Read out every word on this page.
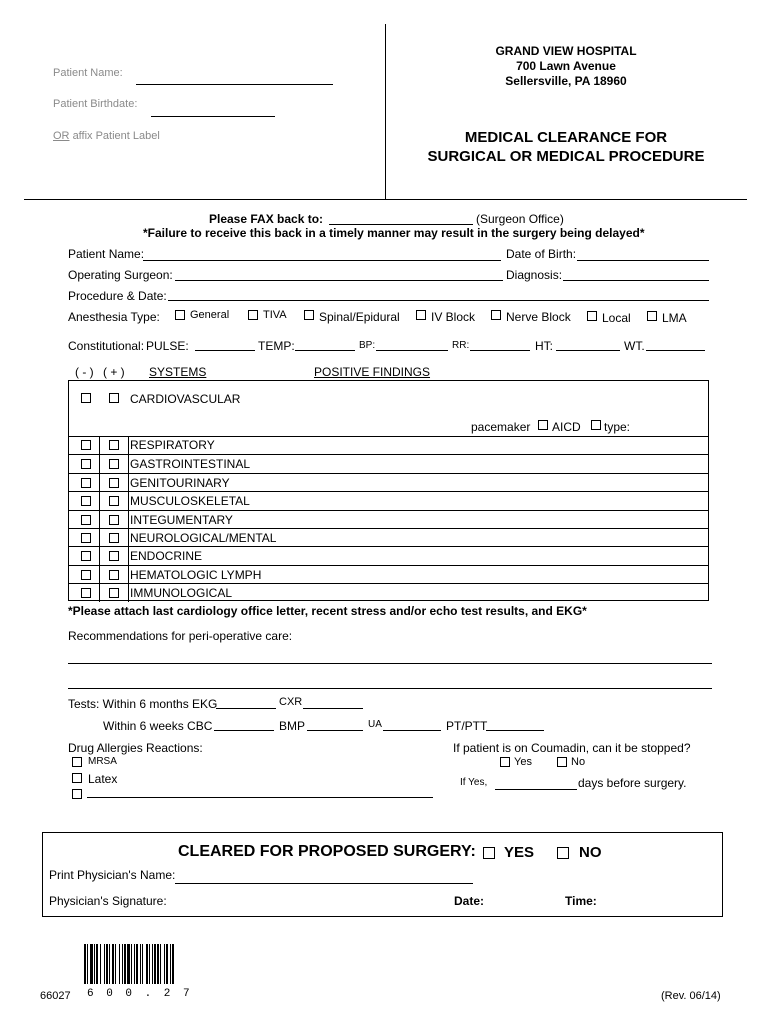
Patient Name:
Patient Birthdate:
OR affix Patient Label
GRAND VIEW HOSPITAL
700 Lawn Avenue
Sellersville, PA 18960
MEDICAL CLEARANCE FOR
SURGICAL OR MEDICAL PROCEDURE
Please FAX back to:	(Surgeon Office)
*Failure to receive this back in a timely manner may result in the surgery being delayed*
Patient Name:	Date of Birth:
Operating Surgeon:	Diagnosis:
Procedure & Date:
Anesthesia Type:	General	TIVA	Spinal/Epidural	IV Block	Nerve Block	Local	LMA
Constitutional: PULSE:	TEMP:	BP:	RR:	HT:	WT.
( - ) ( + ) SYSTEMS	POSITIVE FINDINGS
CARDIOVASCULAR
pacemaker AICD type:
RESPIRATORY
GASTROINTESTINAL
GENITOURINARY
MUSCULOSKELETAL
INTEGUMENTARY
NEUROLOGICAL/MENTAL
ENDOCRINE
HEMATOLOGIC LYMPH
IMMUNOLOGICAL
*Please attach last cardiology office letter, recent stress and/or echo test results, and EKG*
Recommendations for peri-operative care:
Tests: Within 6 months EKG	CXR
Within 6 weeks CBC	BMP	UA	PT/PTT
Drug Allergies Reactions:
MRSA
Latex
If patient is on Coumadin, can it be stopped?
Yes	No
If Yes,	days before surgery.
CLEARED FOR PROPOSED SURGERY: YES	NO
Print Physician's Name:
Physician's Signature:	Date:	Time:
66027 6 0 0 . 2 7	(Rev. 06/14)
